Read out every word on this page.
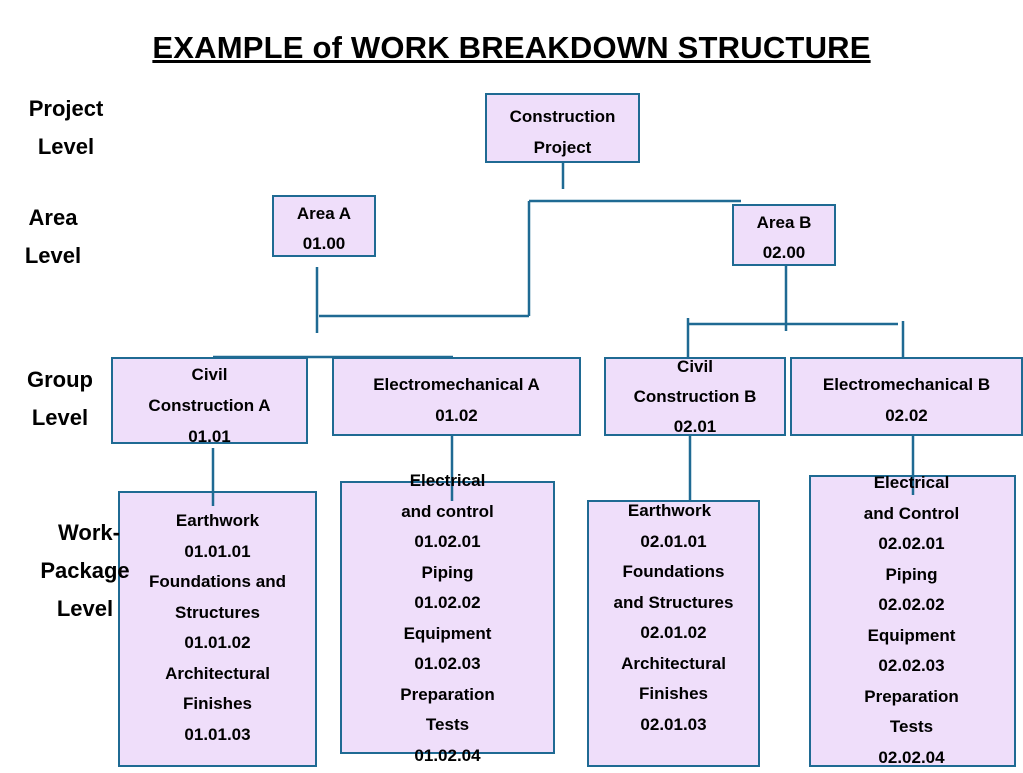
EXAMPLE of WORK BREAKDOWN STRUCTURE
Project
Level
Area
Level
Group
Level
Construction
Project
Area A
01.00
Area B
02.00
Civil
Construction A
01.01
Electromechanical A
01.02
Civil
Construction B
02.01
Electromechanical B
02.02
Earthwork
01.01.01
Foundations and
Structures
01.01.02
Architectural
Finishes
01.01.03
Electrical
and control
01.02.01
Piping
01.02.02
Equipment
01.02.03
Preparation
Tests
01.02.04
Earthwork
02.01.01
Foundations
and Structures
02.01.02
Architectural
Finishes
02.01.03
Electrical
and Control
02.02.01
Piping
02.02.02
Equipment
02.02.03
Preparation
Tests
02.02.04
Work-
Package
Level
